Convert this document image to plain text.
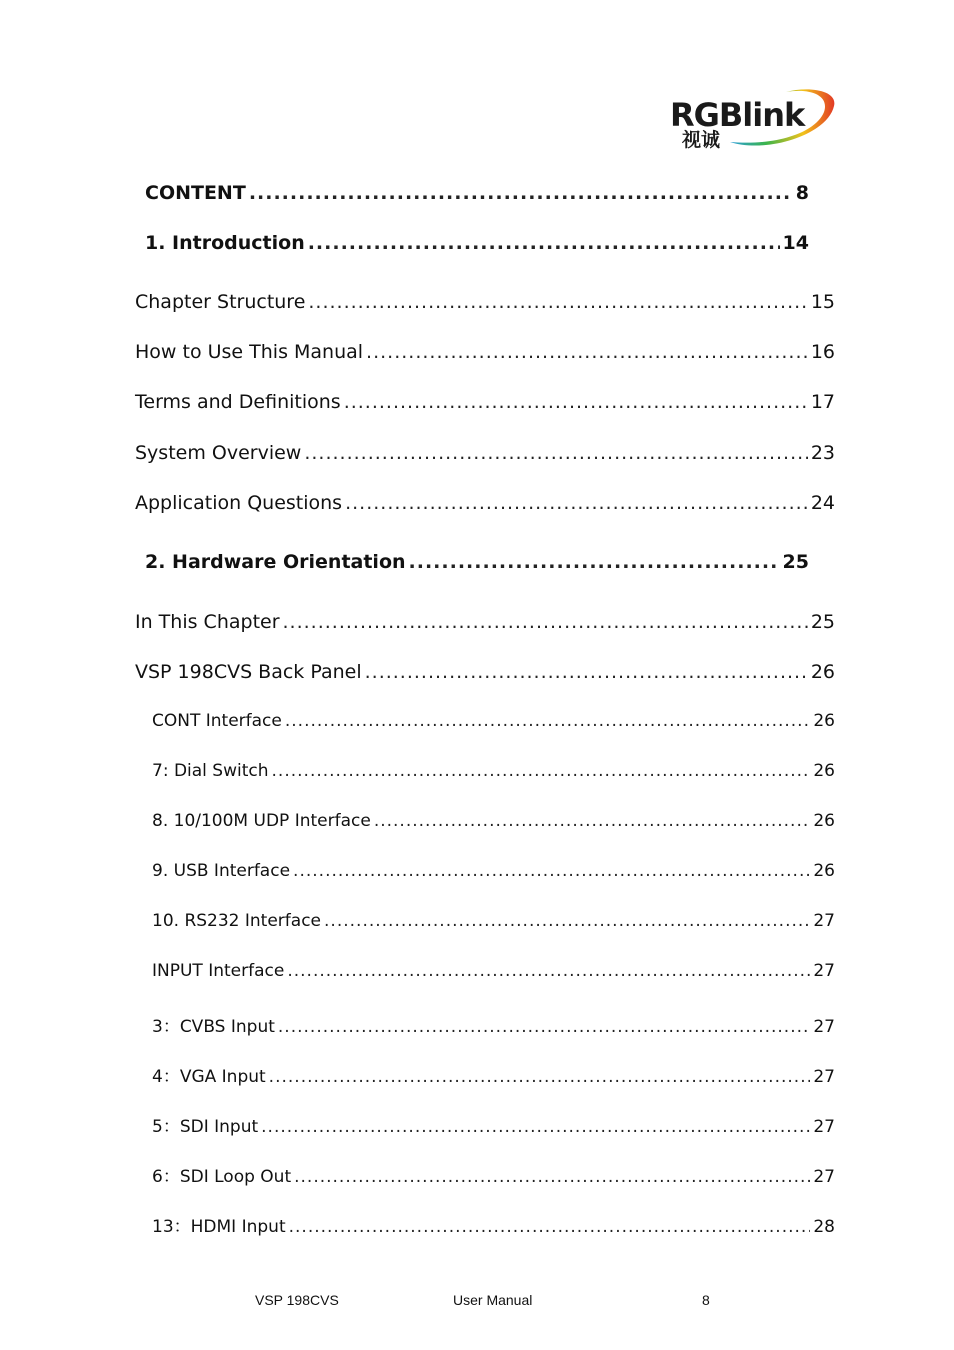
RGBlink
视诚
CONTENT .....	8
1. Introduction .....	14
Chapter Structure .....	15
How to Use This Manual .....	16
Terms and Definitions .....	17
System Overview .....	23
Application Questions .....	24
2. Hardware Orientation .....	25
In This Chapter .....	25
VSP 198CVS Back Panel .....	26
CONT Interface .....	26
7: Dial Switch .....	26
8. 10/100M UDP Interface .....	26
9. USB Interface .....	26
10. RS232 Interface .....	27
INPUT Interface .....	27
3：CVBS Input .....	27
4：VGA Input .....	27
5：SDI Input .....	27
6：SDI Loop Out .....	27
13：HDMI Input .....	28
VSP 198CVS	User Manual	8
